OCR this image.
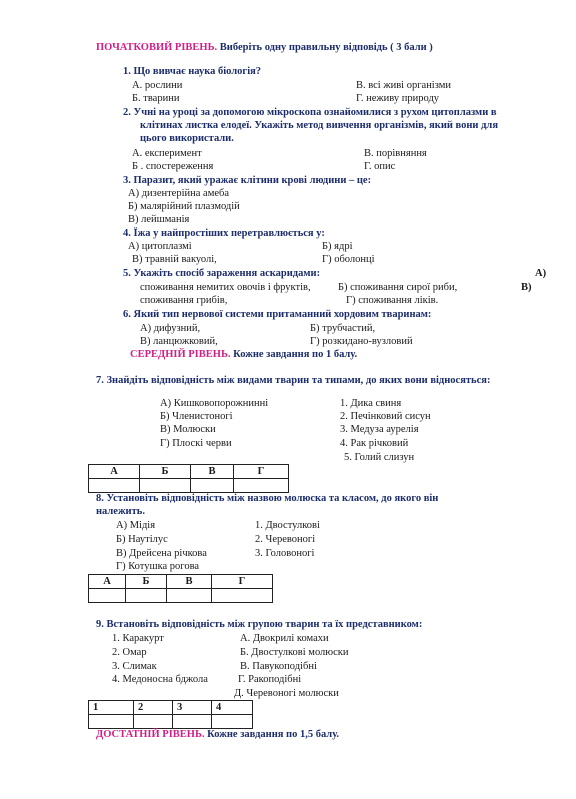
ПОЧАТКОВИЙ РІВЕНЬ. Виберіть одну правильну відповідь ( 3 бали )
1. Що вивчає наука біологія?
А. рослини	В. всі живі організми
Б. тварини	Г. неживу природу
2. Учні на уроці за допомогою мікроскопа ознайомилися з рухом цитоплазми в
клітинах листка елодеї. Укажіть метод вивчення організмів, який вони для
цього використали.
А. експеримент	В. порівняння
Б . спостереження	Г. опис
3. Паразит, який уражає клітини крові людини – це:
А) дизентерійна амеба
Б) малярійний плазмодій
В) лейшманія
4. Їжа у найпростіших перетравлюється у:
А) цитоплазмі	Б) ядрі
В) травній вакуолі,	Г) оболонці
5. Укажіть спосіб зараження аскаридами:	А)
споживання немитих овочів і фруктів,	Б) споживання сирої риби,	В)
споживання грибів,	Г) споживання ліків.
6. Який тип нервової системи притаманний хордовим тваринам:
А) дифузний,	Б) трубчастий,
В) ланцюжковий,	Г) розкидано-вузловий
СЕРЕДНІЙ РІВЕНЬ. Кожне завдання по 1 балу.
7. Знайдіть відповідність між видами тварин та типами, до яких вони відносяться:
А) Кишковопорожнинні
Б) Членистоногі
В) Молюски
Г) Плоскі черви
1. Дика свиня
2. Печінковий сисун
3. Медуза аурелія
4. Рак річковий
5. Голий слизун
А	Б	В	Г

8. Установіть відповідність між назвою молюска та класом, до якого він
належить.
А) Мідія
Б) Наутілус
В) Дрейсена річкова
Г) Котушка рогова
1. Двостулкові
2. Черевоногі
3. Головоногі
А	Б	В	Г

9. Встановіть відповідність між групою тварин та їх представником:
1. Каракурт
2. Омар
3. Слимак
4. Медоносна бджола
А. Двокрилі комахи
Б. Двостулкові молюски
В. Павукоподібні
Г. Ракоподібні
Д. Черевоногі молюски
1	2	3	4

ДОСТАТНІЙ РІВЕНЬ. Кожне завдання по 1,5 балу.
